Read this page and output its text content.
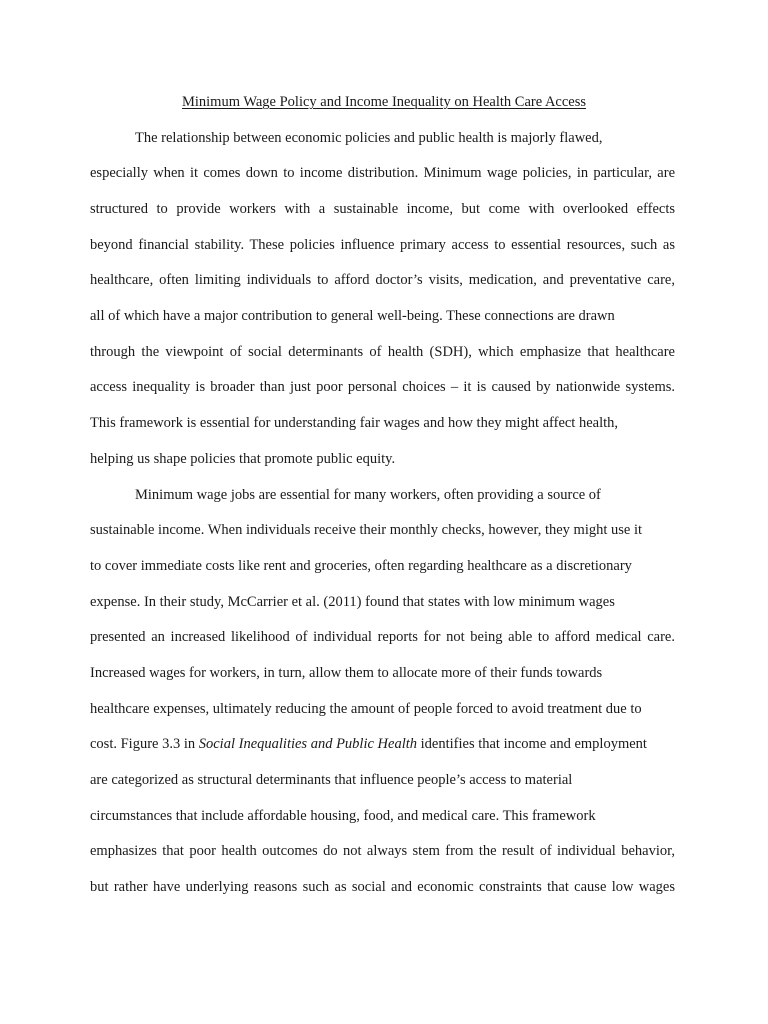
Minimum Wage Policy and Income Inequality on Health Care Access
The relationship between economic policies and public health is majorly flawed,
especially when it comes down to income distribution. Minimum wage policies, in particular, are
structured to provide workers with a sustainable income, but come with overlooked effects
beyond financial stability. These policies influence primary access to essential resources, such as
healthcare, often limiting individuals to afford doctor’s visits, medication, and preventative care,
all of which have a major contribution to general well-being. These connections are drawn
through the viewpoint of social determinants of health (SDH), which emphasize that healthcare
access inequality is broader than just poor personal choices – it is caused by nationwide systems.
This framework is essential for understanding fair wages and how they might affect health,
helping us shape policies that promote public equity.
Minimum wage jobs are essential for many workers, often providing a source of
sustainable income. When individuals receive their monthly checks, however, they might use it
to cover immediate costs like rent and groceries, often regarding healthcare as a discretionary
expense. In their study, McCarrier et al. (2011) found that states with low minimum wages
presented an increased likelihood of individual reports for not being able to afford medical care.
Increased wages for workers, in turn, allow them to allocate more of their funds towards
healthcare expenses, ultimately reducing the amount of people forced to avoid treatment due to
cost. Figure 3.3 in Social Inequalities and Public Health identifies that income and employment
are categorized as structural determinants that influence people’s access to material
circumstances that include affordable housing, food, and medical care. This framework
emphasizes that poor health outcomes do not always stem from the result of individual behavior,
but rather have underlying reasons such as social and economic constraints that cause low wages
